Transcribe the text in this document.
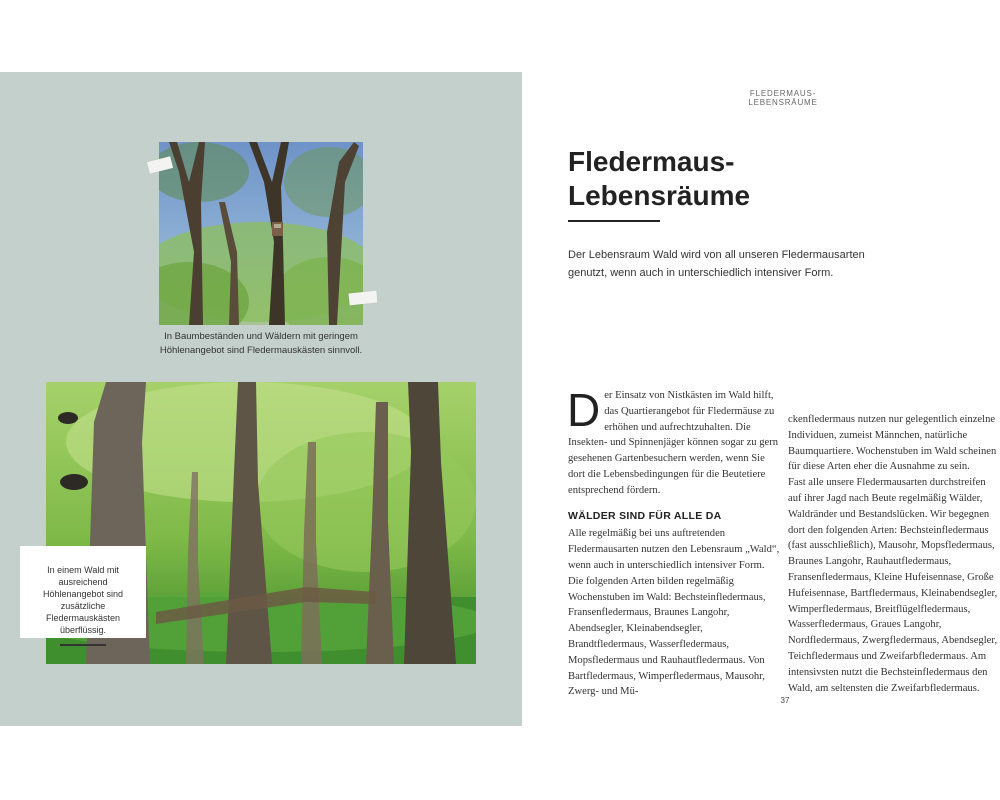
In Baumbeständen und Wäldern mit geringem Höhlenangebot sind Fledermauskästen sinnvoll.
In einem Wald mit ausreichend Höhlenangebot sind zusätzliche Fledermauskästen überflüssig.
FLEDERMAUS-LEBENSRÄUME
Fledermaus-
Lebensräume

Der Lebensraum Wald wird von all unseren Fledermausarten genutzt, wenn auch in unterschiedlich intensiver Form.

Der Einsatz von Nistkästen im Wald hilft, das Quartierangebot für Fledermäuse zu erhöhen und aufrechtzuhalten. Die Insekten- und Spinnenjäger können sogar zu gern gesehenen Gartenbesuchern werden, wenn Sie dort die Lebensbedingungen für die Beutetiere entsprechend fördern.

WÄLDER SIND FÜR ALLE DA

Alle regelmäßig bei uns auftretenden Fledermausarten nutzen den Lebensraum „Wald“, wenn auch in unterschiedlich intensiver Form. Die folgenden Arten bilden regelmäßig Wochenstuben im Wald: Bechsteinfledermaus, Fransenfledermaus, Braunes Langohr, Abendsegler, Kleinabendsegler, Brandtfledermaus, Wasserfledermaus, Mopsfledermaus und Rauhautfledermaus. Von Bartfledermaus, Wimperfledermaus, Mausohr, Zwerg- und Mü-

ckenfledermaus nutzen nur gelegentlich einzelne Individuen, zumeist Männchen, natürliche Baumquartiere. Wochenstuben im Wald scheinen für diese Arten eher die Ausnahme zu sein.

Fast alle unsere Fledermausarten durchstreifen auf ihrer Jagd nach Beute regelmäßig Wälder, Waldränder und Bestandslücken. Wir begegnen dort den folgenden Arten: Bechsteinfledermaus (fast ausschließlich), Mausohr, Mopsfledermaus, Braunes Langohr, Rauhautfledermaus, Fransenfledermaus, Kleine Hufeisennase, Große Hufeisennase, Bartfledermaus, Kleinabendsegler, Wimperfledermaus, Breitflügelfledermaus, Wasserfledermaus, Graues Langohr, Nordfledermaus, Zwergfledermaus, Abendsegler, Teichfledermaus und Zweifarbfledermaus. Am intensivsten nutzt die Bechsteinfledermaus den Wald, am seltensten die Zweifarbfledermaus.

37
